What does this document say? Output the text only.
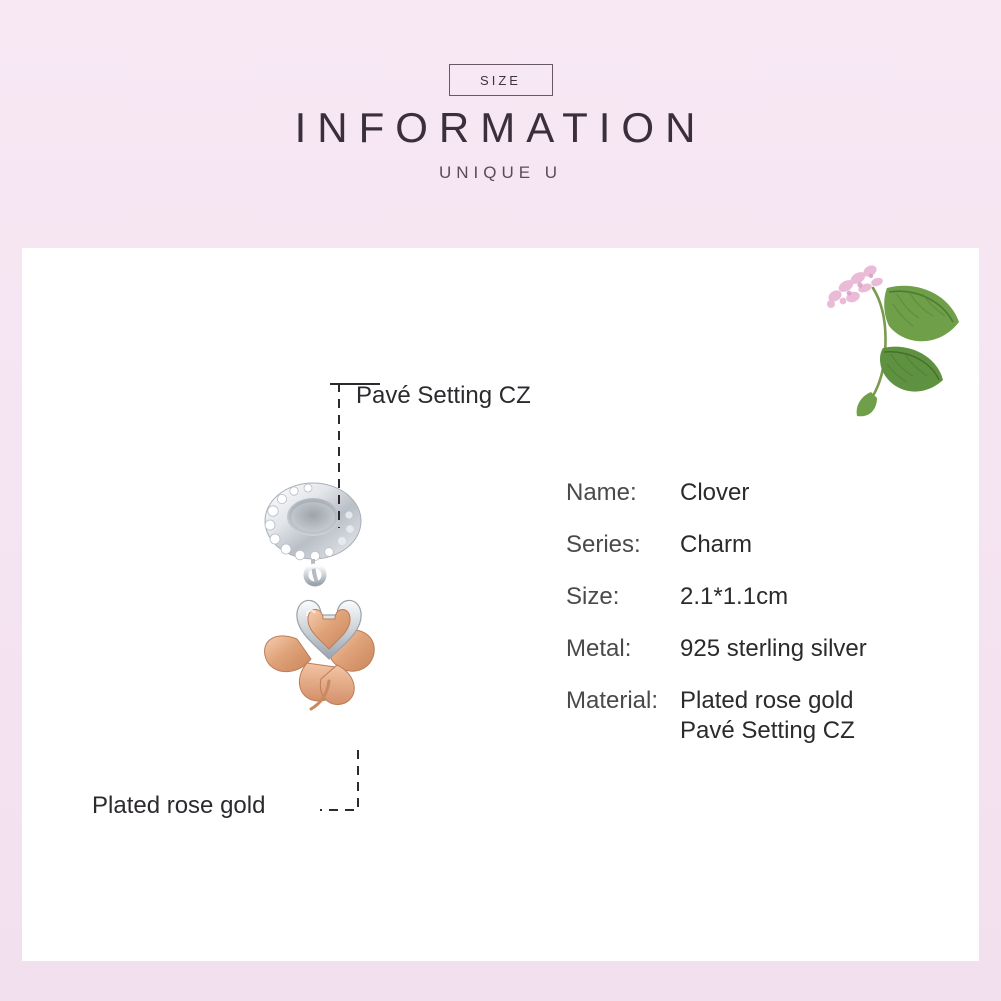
SIZE
INFORMATION
UNIQUE U
Pavé Setting CZ
Plated rose gold
Name:	Clover
Series:	Charm
Size:	2.1*1.1cm
Metal:	925 sterling silver
Material: Plated rose gold
Pavé Setting CZ
